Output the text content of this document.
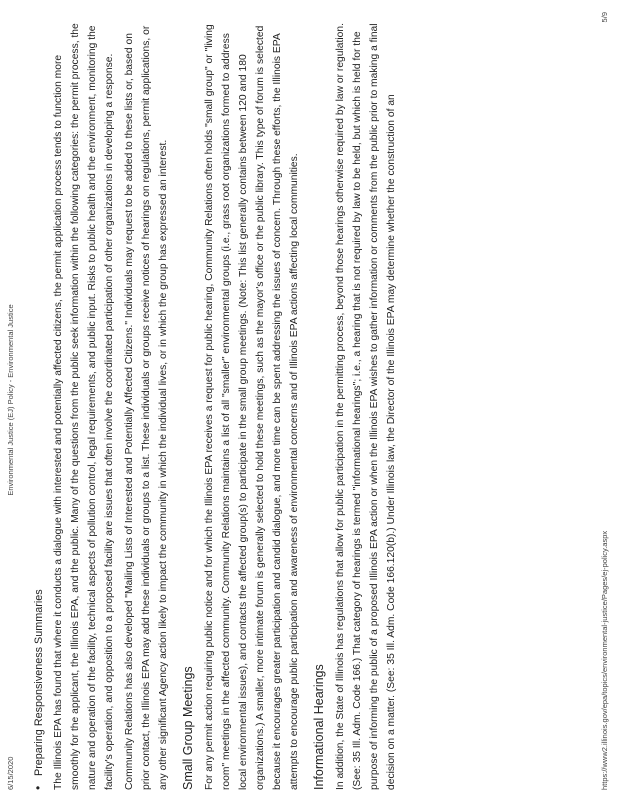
6/15/2020
Environmental Justice (EJ) Policy - Environmental Justice
•
Preparing Responsiveness Summaries The Illinois EPA has found that where it conducts a dialogue with interested and potentially affected citizens, the permit application process tends to function more smoothly for the applicant, the Illinois EPA, and the public. Many of the questions from the public seek information within the following categories: the permit process, the nature and operation of the facility, technical aspects of pollution control, legal requirements, and public input. Risks to public health and the environment, monitoring the facility's operation, and opposition to a proposed facility are issues that often involve the coordinated participation of other organizations in developing a response. Community Relations has also developed "Mailing Lists of Interested and Potentially Affected Citizens." Individuals may request to be added to these lists or, based on prior contact, the Illinois EPA may add these individuals or groups to a list. These individuals or groups receive notices of hearings on regulations, permit applications, or any other significant Agency action likely to impact the community in which the individual lives, or in which the group has expressed an interest. Small Group Meetings For any permit action requiring public notice and for which the Illinois EPA receives a request for public hearing, Community Relations often holds "small group" or "living room" meetings in the affected community. Community Relations maintains a list of all "smaller" environmental groups (i.e., grass root organizations formed to address local environmental issues), and contacts the affected group(s) to participate in the small group meetings. (Note: This list generally contains between 120 and 180 organizations.) A smaller, more intimate forum is generally selected to hold these meetings, such as the mayor's office or the public library. This type of forum is selected because it encourages greater participation and candid dialogue, and more time can be spent addressing the issues of concern. Through these efforts, the Illinois EPA attempts to encourage public participation and awareness of environmental concerns and of Illinois EPA actions affecting local communities. Informational Hearings In addition, the State of Illinois has regulations that allow for public participation in the permitting process, beyond those hearings otherwise required by law or regulation. (See: 35 Ill. Adm. Code 166.) That category of hearings is termed "informational hearings"; i.e., a hearing that is not required by law to be held, but which is held for the purpose of informing the public of a proposed Illinois EPA action or when the Illinois EPA wishes to gather information or comments from the public prior to making a final decision on a matter. (See: 35 Ill. Adm. Code 166.120(b).) Under Illinois law, the Director of the Illinois EPA may determine whether the construction of an	https://www2.illinois.gov/epa/topics/environmental-justice/Pages/ej-policy.aspx
5/9
